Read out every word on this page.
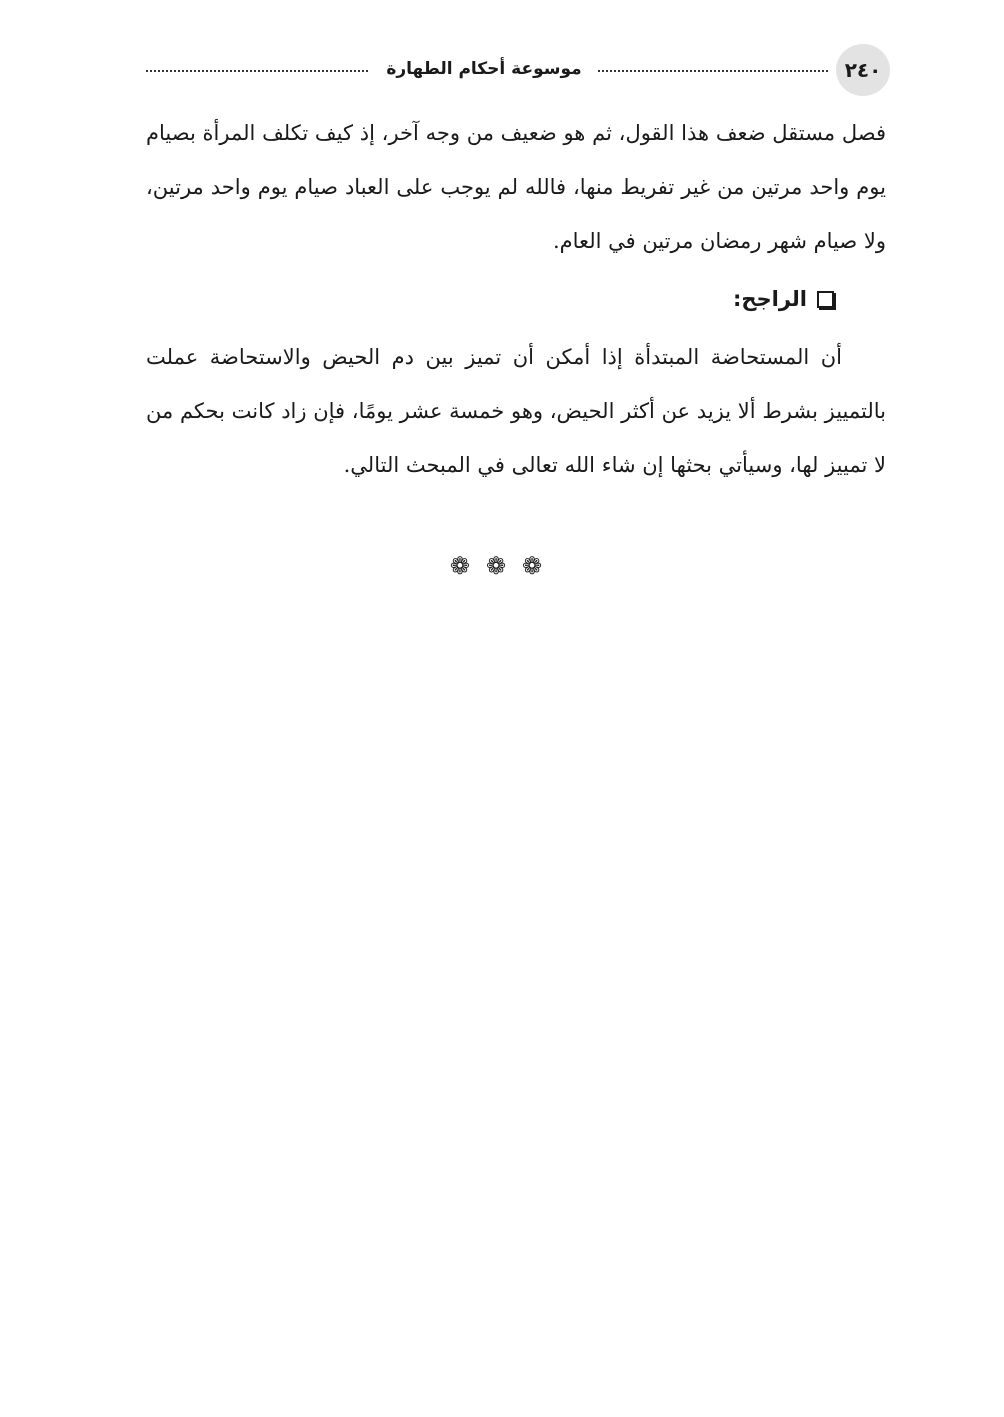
٢٤٠
موسوعة أحكام الطهارة

فصل مستقل ضعف هذا القول، ثم هو ضعيف من وجه آخر، إذ كيف تكلف المرأة بصيام يوم واحد مرتين من غير تفريط منها، فالله لم يوجب على العباد صيام يوم واحد مرتين، ولا صيام شهر رمضان مرتين في العام.

الراجح:

أن المستحاضة المبتدأة إذا أمكن أن تميز بين دم الحيض والاستحاضة عملت بالتمييز بشرط ألا يزيد عن أكثر الحيض، وهو خمسة عشر يومًا، فإن زاد كانت بحكم من لا تمييز لها، وسيأتي بحثها إن شاء الله تعالى في المبحث التالي.

❁ ❁ ❁
